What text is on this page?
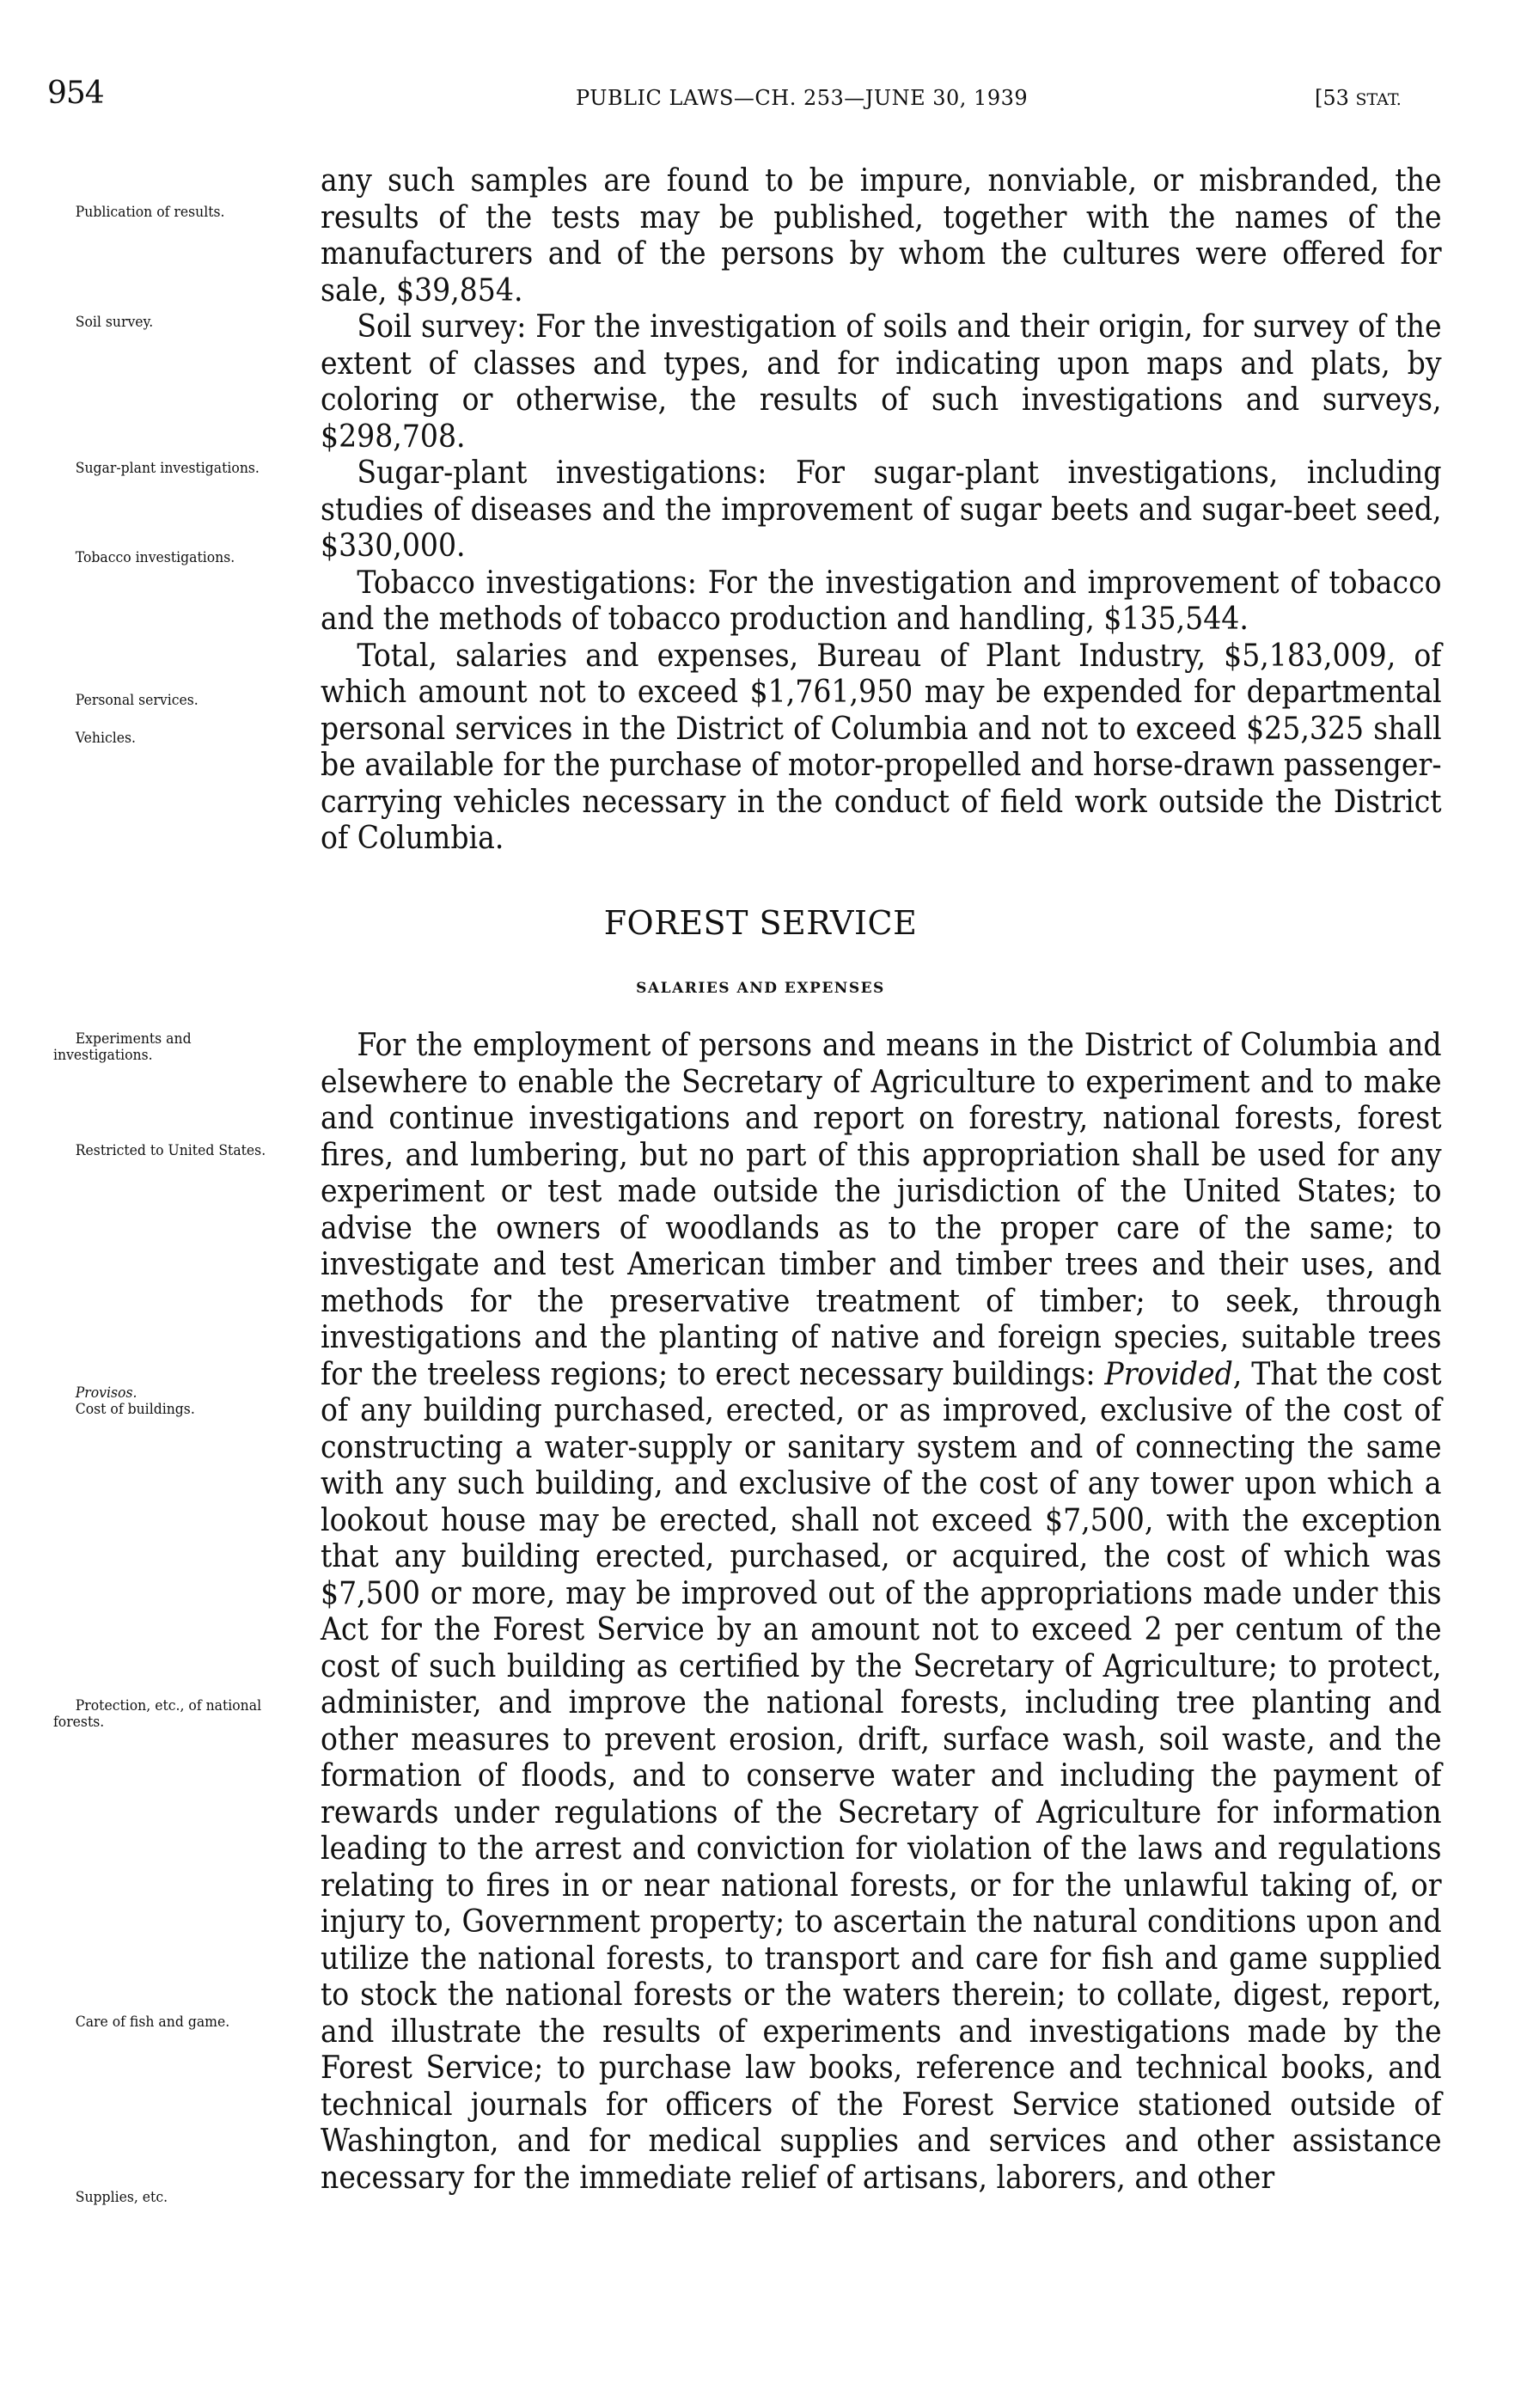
954	PUBLIC LAWS—CH. 253—JUNE 30, 1939	[53 STAT.
Publication of results.
Soil survey.
Sugar-plant investigations.
Tobacco investigations.
Personal services.
Vehicles.
Experiments and investigations.
Restricted to United States.
Provisos.
Cost of buildings.
Protection, etc., of national forests.
Care of fish and game.
Supplies, etc.

any such samples are found to be impure, nonviable, or misbranded, the results of the tests may be published, together with the names of the manufacturers and of the persons by whom the cultures were offered for sale, $39,854.

Soil survey: For the investigation of soils and their origin, for survey of the extent of classes and types, and for indicating upon maps and plats, by coloring or otherwise, the results of such investigations and surveys, $298,708.

Sugar-plant investigations: For sugar-plant investigations, including studies of diseases and the improvement of sugar beets and sugar-beet seed, $330,000.

Tobacco investigations: For the investigation and improvement of tobacco and the methods of tobacco production and handling, $135,544.

Total, salaries and expenses, Bureau of Plant Industry, $5,183,009, of which amount not to exceed $1,761,950 may be expended for departmental personal services in the District of Columbia and not to exceed $25,325 shall be available for the purchase of motor-propelled and horse-drawn passenger-carrying vehicles necessary in the conduct of field work outside the District of Columbia.

FOREST SERVICE
SALARIES AND EXPENSES

For the employment of persons and means in the District of Columbia and elsewhere to enable the Secretary of Agriculture to experiment and to make and continue investigations and report on forestry, national forests, forest fires, and lumbering, but no part of this appropriation shall be used for any experiment or test made outside the jurisdiction of the United States; to advise the owners of woodlands as to the proper care of the same; to investigate and test American timber and timber trees and their uses, and methods for the preservative treatment of timber; to seek, through investigations and the planting of native and foreign species, suitable trees for the treeless regions; to erect necessary buildings: Provided, That the cost of any building purchased, erected, or as improved, exclusive of the cost of constructing a water-supply or sanitary system and of connecting the same with any such building, and exclusive of the cost of any tower upon which a lookout house may be erected, shall not exceed $7,500, with the exception that any building erected, purchased, or acquired, the cost of which was $7,500 or more, may be improved out of the appropriations made under this Act for the Forest Service by an amount not to exceed 2 per centum of the cost of such building as certified by the Secretary of Agriculture; to protect, administer, and improve the national forests, including tree planting and other measures to prevent erosion, drift, surface wash, soil waste, and the formation of floods, and to conserve water and including the payment of rewards under regulations of the Secretary of Agriculture for information leading to the arrest and conviction for violation of the laws and regulations relating to fires in or near national forests, or for the unlawful taking of, or injury to, Government property; to ascertain the natural conditions upon and utilize the national forests, to transport and care for fish and game supplied to stock the national forests or the waters therein; to collate, digest, report, and illustrate the results of experiments and investigations made by the Forest Service; to purchase law books, reference and technical books, and technical journals for officers of the Forest Service stationed outside of Washington, and for medical supplies and services and other assistance necessary for the immediate relief of artisans, laborers, and other
